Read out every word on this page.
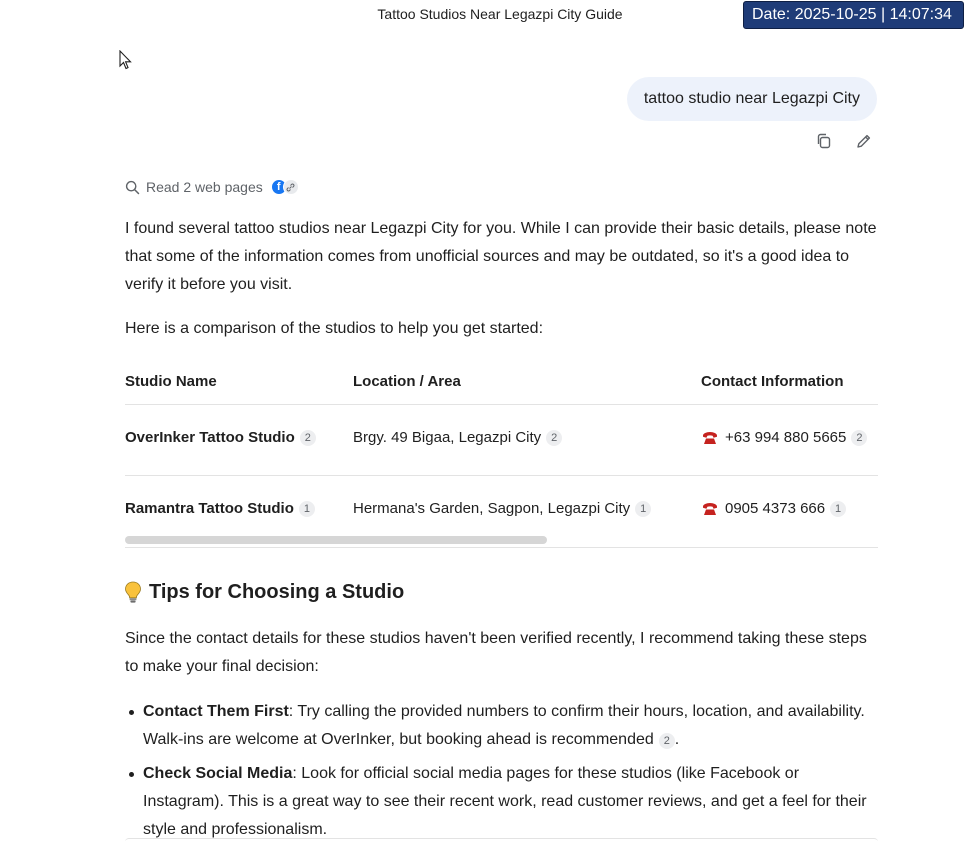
Tattoo Studios Near Legazpi City Guide	Date: 2025-10-25 | 14:07:34
tattoo studio near Legazpi City
Read 2 web pages	f

I found several tattoo studios near Legazpi City for you. While I can provide their basic details, please note that some of the information comes from unofficial sources and may be outdated, so it's a good idea to verify it before you visit.

Here is a comparison of the studios to help you get started:

Studio Name	Location / Area	Contact Information
OverInker Tattoo Studio 2	Brgy. 49 Bigaa, Legazpi City 2	+63 994 880 5665 2
Ramantra Tattoo Studio 1	Hermana's Garden, Sagpon, Legazpi City 1	0905 4373 666 1
Tips for Choosing a Studio

Since the contact details for these studios haven't been verified recently, I recommend taking these steps to make your final decision:

Contact Them First: Try calling the provided numbers to confirm their hours, location, and availability. Walk-ins are welcome at OverInker, but booking ahead is recommended 2 .
Check Social Media: Look for official social media pages for these studios (like Facebook or Instagram). This is a great way to see their recent work, read customer reviews, and get a feel for their style and professionalism.
